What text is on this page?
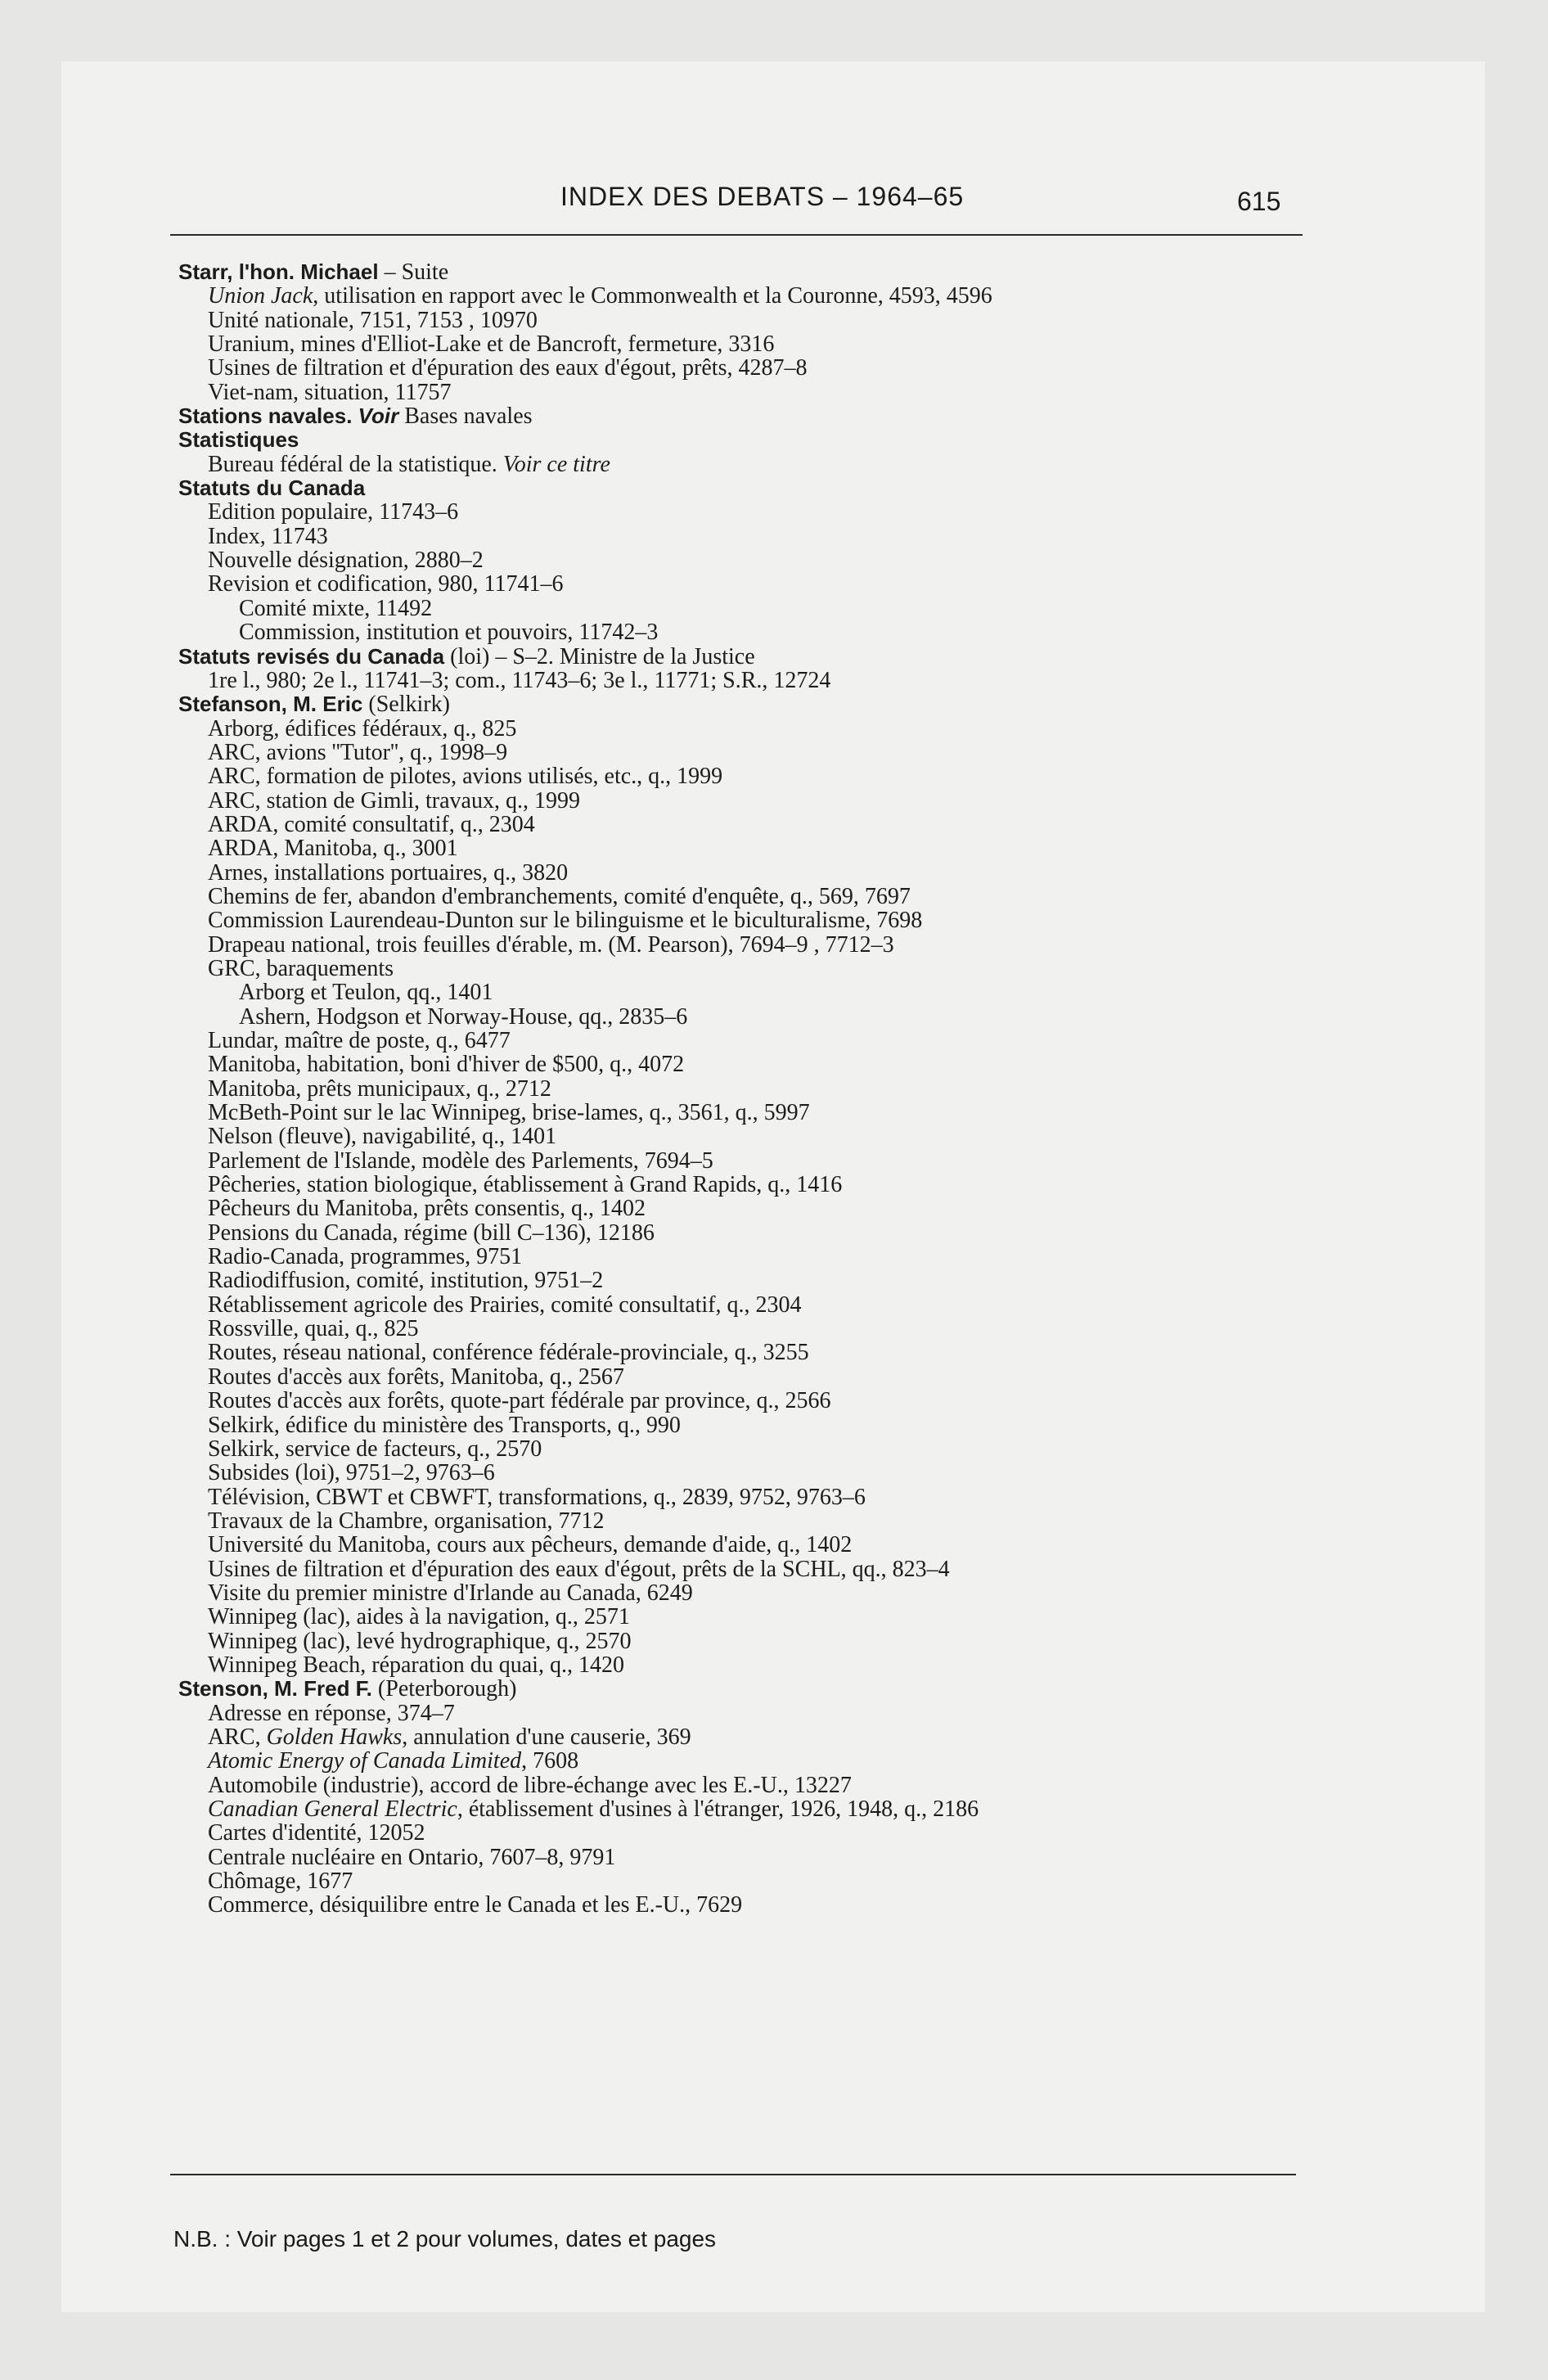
INDEX DES DEBATS – 1964–65	615
Starr, l'hon. Michael – Suite
Union Jack, utilisation en rapport avec le Commonwealth et la Couronne, 4593, 4596
Unité nationale, 7151, 7153 , 10970
Uranium, mines d'Elliot-Lake et de Bancroft, fermeture, 3316
Usines de filtration et d'épuration des eaux d'égout, prêts, 4287–8
Viet-nam, situation, 11757
Stations navales. Voir Bases navales
Statistiques
Bureau fédéral de la statistique. Voir ce titre
Statuts du Canada
Edition populaire, 11743–6
Index, 11743
Nouvelle désignation, 2880–2
Revision et codification, 980, 11741–6
Comité mixte, 11492
Commission, institution et pouvoirs, 11742–3
Statuts revisés du Canada (loi) – S–2. Ministre de la Justice
1re l., 980; 2e l., 11741–3; com., 11743–6; 3e l., 11771; S.R., 12724
Stefanson, M. Eric (Selkirk)
Arborg, édifices fédéraux, q., 825
ARC, avions ''Tutor'', q., 1998–9
ARC, formation de pilotes, avions utilisés, etc., q., 1999
ARC, station de Gimli, travaux, q., 1999
ARDA, comité consultatif, q., 2304
ARDA, Manitoba, q., 3001
Arnes, installations portuaires, q., 3820
Chemins de fer, abandon d'embranchements, comité d'enquête, q., 569, 7697
Commission Laurendeau-Dunton sur le bilinguisme et le biculturalisme, 7698
Drapeau national, trois feuilles d'érable, m. (M. Pearson), 7694–9 , 7712–3
GRC, baraquements
Arborg et Teulon, qq., 1401
Ashern, Hodgson et Norway-House, qq., 2835–6
Lundar, maître de poste, q., 6477
Manitoba, habitation, boni d'hiver de $500, q., 4072
Manitoba, prêts municipaux, q., 2712
McBeth-Point sur le lac Winnipeg, brise-lames, q., 3561, q., 5997
Nelson (fleuve), navigabilité, q., 1401
Parlement de l'Islande, modèle des Parlements, 7694–5
Pêcheries, station biologique, établissement à Grand Rapids, q., 1416
Pêcheurs du Manitoba, prêts consentis, q., 1402
Pensions du Canada, régime (bill C–136), 12186
Radio-Canada, programmes, 9751
Radiodiffusion, comité, institution, 9751–2
Rétablissement agricole des Prairies, comité consultatif, q., 2304
Rossville, quai, q., 825
Routes, réseau national, conférence fédérale-provinciale, q., 3255
Routes d'accès aux forêts, Manitoba, q., 2567
Routes d'accès aux forêts, quote-part fédérale par province, q., 2566
Selkirk, édifice du ministère des Transports, q., 990
Selkirk, service de facteurs, q., 2570
Subsides (loi), 9751–2, 9763–6
Télévision, CBWT et CBWFT, transformations, q., 2839, 9752, 9763–6
Travaux de la Chambre, organisation, 7712
Université du Manitoba, cours aux pêcheurs, demande d'aide, q., 1402
Usines de filtration et d'épuration des eaux d'égout, prêts de la SCHL, qq., 823–4
Visite du premier ministre d'Irlande au Canada, 6249
Winnipeg (lac), aides à la navigation, q., 2571
Winnipeg (lac), levé hydrographique, q., 2570
Winnipeg Beach, réparation du quai, q., 1420
Stenson, M. Fred F. (Peterborough)
Adresse en réponse, 374–7
ARC, Golden Hawks, annulation d'une causerie, 369
Atomic Energy of Canada Limited, 7608
Automobile (industrie), accord de libre-échange avec les E.-U., 13227
Canadian General Electric, établissement d'usines à l'étranger, 1926, 1948, q., 2186
Cartes d'identité, 12052
Centrale nucléaire en Ontario, 7607–8, 9791
Chômage, 1677
Commerce, désiquilibre entre le Canada et les E.-U., 7629
N.B. : Voir pages 1 et 2 pour volumes, dates et pages
